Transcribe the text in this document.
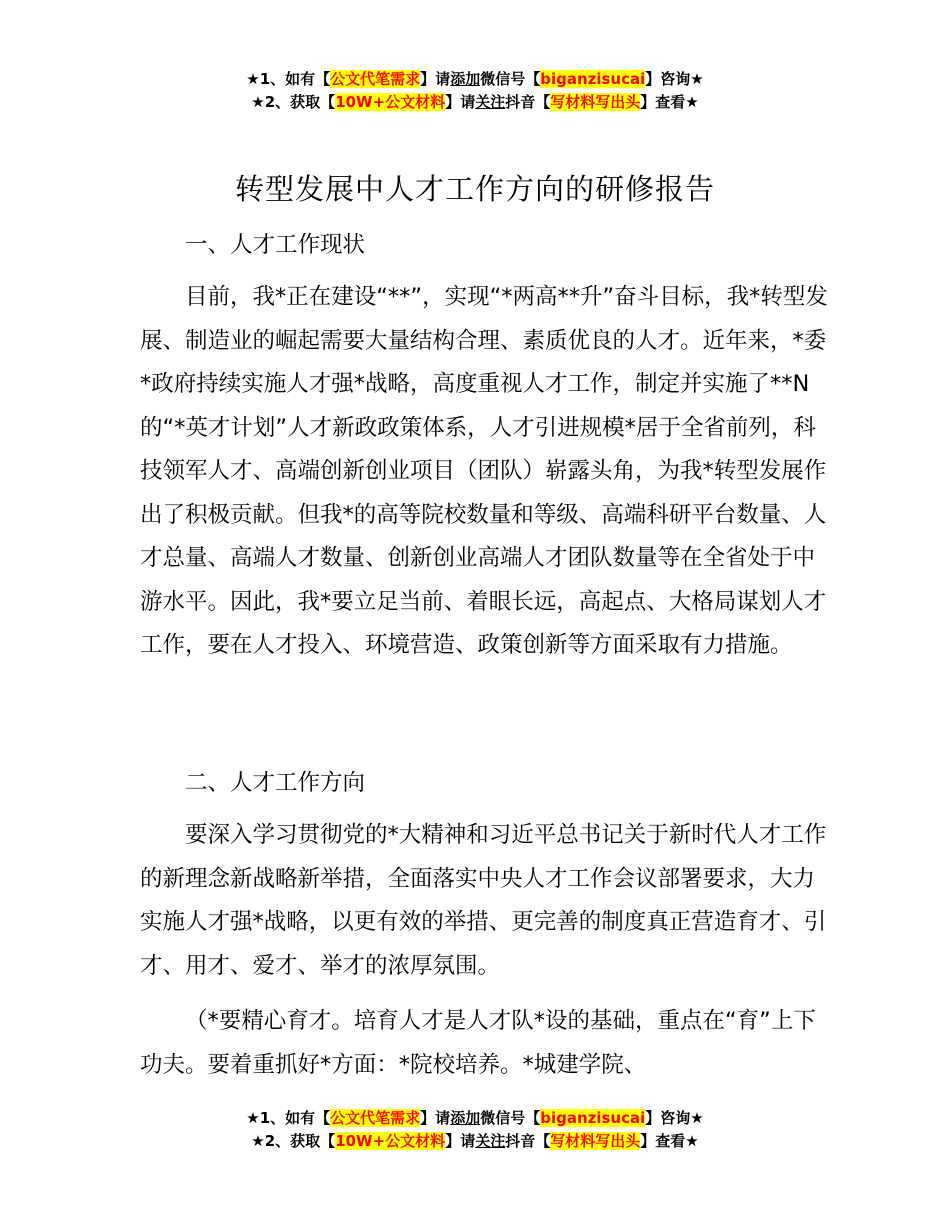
★1、如有【公文代笔需求】请添加微信号【biganzisucai】咨询★
★2、获取【10W+公文材料】请关注抖音【写材料写出头】查看★
转型发展中人才工作方向的研修报告

一、人才工作现状

目前，我*正在建设“**”，实现“*两高**升”奋斗目标，我*转型发展、制造业的崛起需要大量结构合理、素质优良的人才。近年来，*委*政府持续实施人才强*战略，高度重视人才工作，制定并实施了**N的“*英才计划”人才新政政策体系，人才引进规模*居于全省前列，科技领军人才、高端创新创业项目（团队）崭露头角，为我*转型发展作出了积极贡献。但我*的高等院校数量和等级、高端科研平台数量、人才总量、高端人才数量、创新创业高端人才团队数量等在全省处于中游水平。因此，我*要立足当前、着眼长远，高起点、大格局谋划人才工作，要在人才投入、环境营造、政策创新等方面采取有力措施。

二、人才工作方向

要深入学习贯彻党的*大精神和习近平总书记关于新时代人才工作的新理念新战略新举措，全面落实中央人才工作会议部署要求，大力实施人才强*战略，以更有效的举措、更完善的制度真正营造育才、引才、用才、爱才、举才的浓厚氛围。

（*要精心育才。培育人才是人才队*设的基础，重点在“育”上下功夫。要着重抓好*方面：*院校培养。*城建学院、

★1、如有【公文代笔需求】请添加微信号【biganzisucai】咨询★
★2、获取【10W+公文材料】请关注抖音【写材料写出头】查看★
